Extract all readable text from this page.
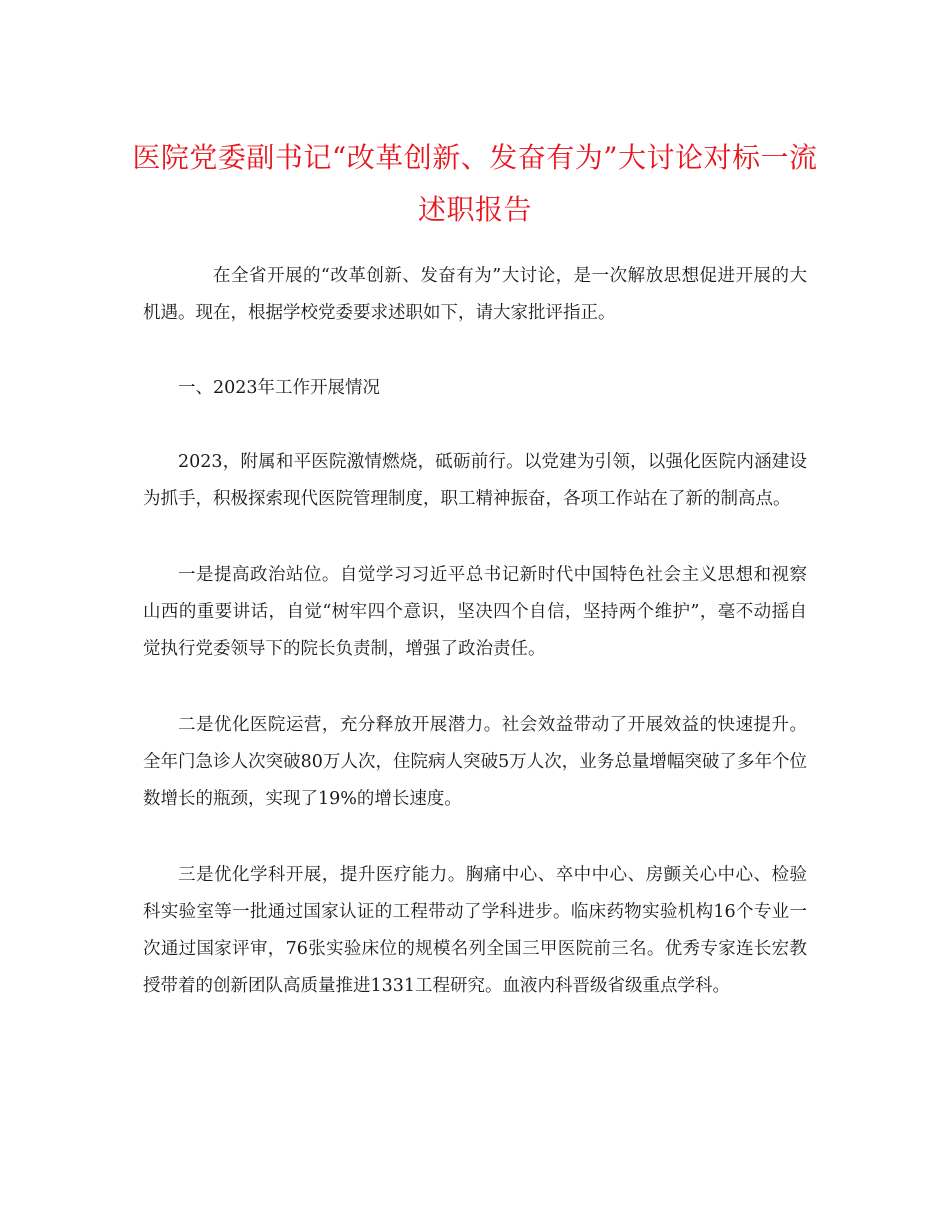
医院党委副书记“改革创新、发奋有为”大讨论对标一流述职报告

在全省开展的“改革创新、发奋有为”大讨论，是一次解放思想促进开展的大机遇。现在，根据学校党委要求述职如下，请大家批评指正。

一、2023年工作开展情况

2023，附属和平医院激情燃烧，砥砺前行。以党建为引领，以强化医院内涵建设为抓手，积极探索现代医院管理制度，职工精神振奋，各项工作站在了新的制高点。

一是提高政治站位。自觉学习习近平总书记新时代中国特色社会主义思想和视察山西的重要讲话，自觉“树牢四个意识，坚决四个自信，坚持两个维护”，毫不动摇自觉执行党委领导下的院长负责制，增强了政治责任。

二是优化医院运营，充分释放开展潜力。社会效益带动了开展效益的快速提升。全年门急诊人次突破80万人次，住院病人突破5万人次，业务总量增幅突破了多年个位数增长的瓶颈，实现了19%的增长速度。

三是优化学科开展，提升医疗能力。胸痛中心、卒中中心、房颤关心中心、检验科实验室等一批通过国家认证的工程带动了学科进步。临床药物实验机构16个专业一次通过国家评审，76张实验床位的规模名列全国三甲医院前三名。优秀专家连长宏教授带着的创新团队高质量推进1331工程研究。血液内科晋级省级重点学科。
